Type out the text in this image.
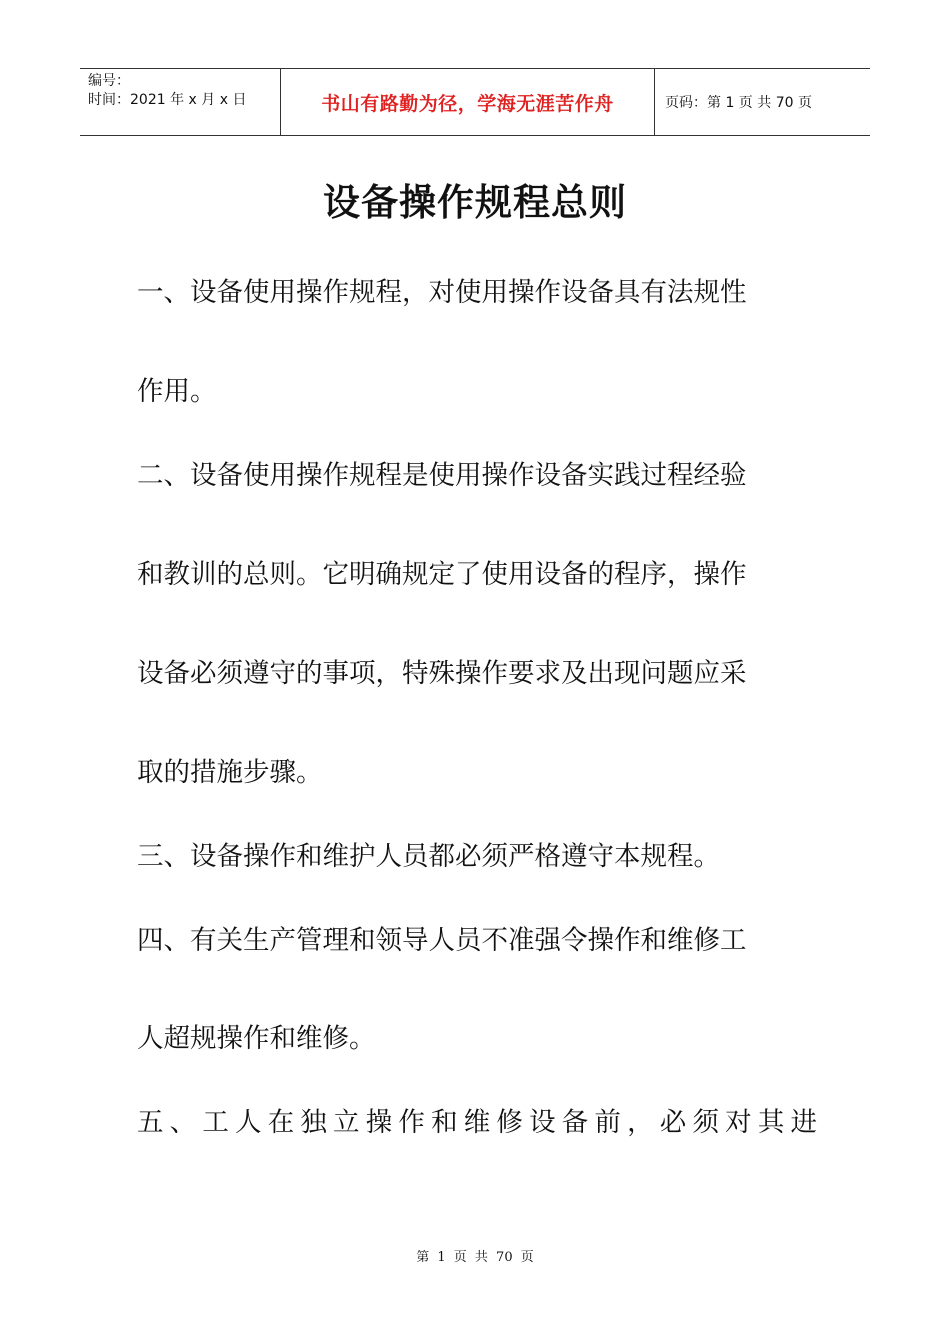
编号：
时间：2021 年 x 月 x 日	书山有路勤为径，学海无涯苦作舟	页码：第 1 页 共 70 页
设备操作规程总则
一、设备使用操作规程，对使用操作设备具有法规性
作用。
二、设备使用操作规程是使用操作设备实践过程经验
和教训的总则。它明确规定了使用设备的程序，操作
设备必须遵守的事项，特殊操作要求及出现问题应采
取的措施步骤。
三、设备操作和维护人员都必须严格遵守本规程。
四、有关生产管理和领导人员不准强令操作和维修工
人超规操作和维修。
五、工人在独立操作和维修设备前，必须对其进
第 1 页 共 70 页
